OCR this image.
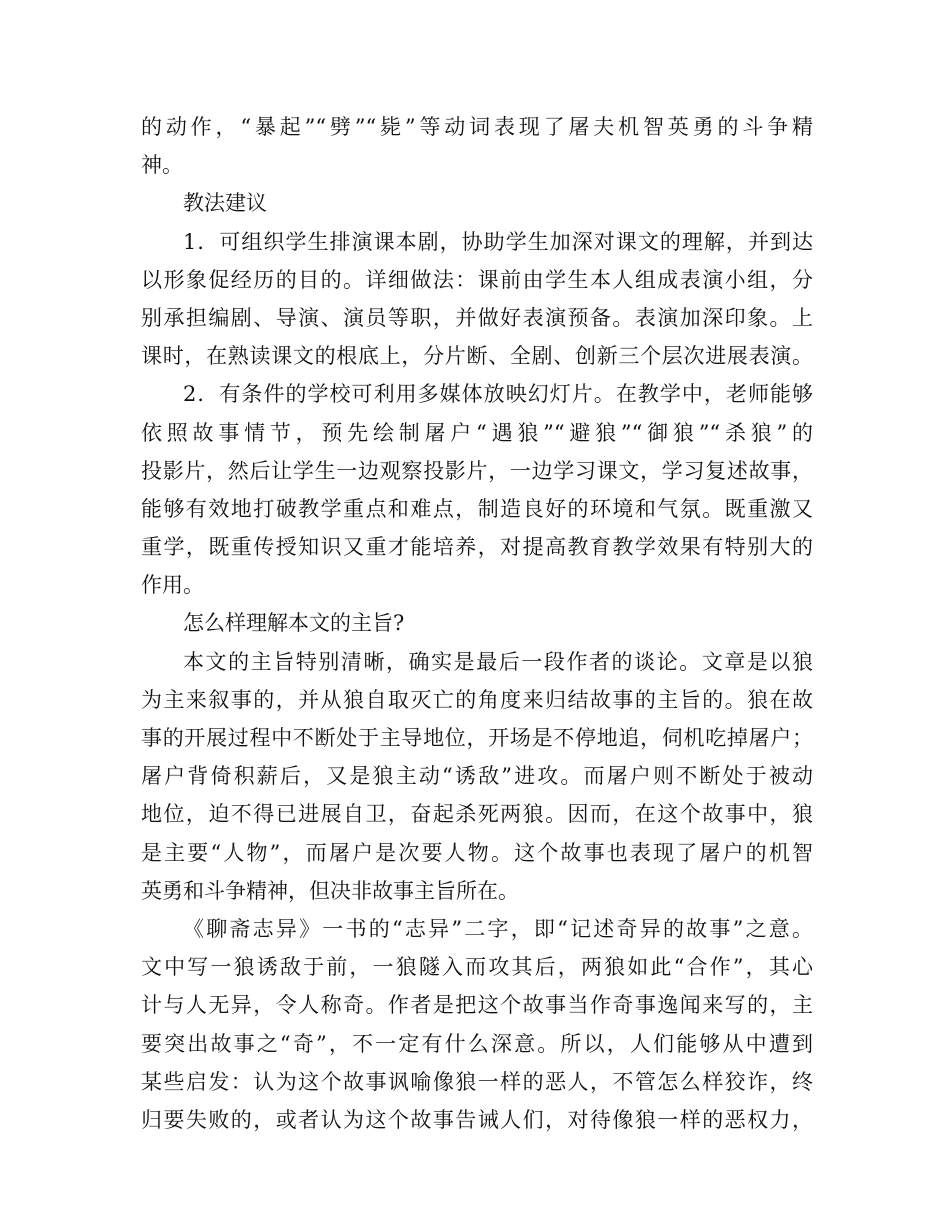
的动作，“暴起”“劈”“毙”等动词表现了屠夫机智英勇的斗争精
神。
教法建议
1．可组织学生排演课本剧，协助学生加深对课文的理解，并到达
以形象促经历的目的。详细做法：课前由学生本人组成表演小组，分
别承担编剧、导演、演员等职，并做好表演预备。表演加深印象。上
课时，在熟读课文的根底上，分片断、全剧、创新三个层次进展表演。
2．有条件的学校可利用多媒体放映幻灯片。在教学中，老师能够
依照故事情节，预先绘制屠户“遇狼”“避狼”“御狼”“杀狼”的
投影片，然后让学生一边观察投影片，一边学习课文，学习复述故事，
能够有效地打破教学重点和难点，制造良好的环境和气氛。既重激又
重学，既重传授知识又重才能培养，对提高教育教学效果有特别大的
作用。
怎么样理解本文的主旨?
本文的主旨特别清晰，确实是最后一段作者的谈论。文章是以狼
为主来叙事的，并从狼自取灭亡的角度来归结故事的主旨的。狼在故
事的开展过程中不断处于主导地位，开场是不停地追，伺机吃掉屠户；
屠户背倚积薪后，又是狼主动“诱敌”进攻。而屠户则不断处于被动
地位，迫不得已进展自卫，奋起杀死两狼。因而，在这个故事中，狼
是主要“人物”，而屠户是次要人物。这个故事也表现了屠户的机智
英勇和斗争精神，但决非故事主旨所在。
《聊斋志异》一书的“志异”二字，即“记述奇异的故事”之意。
文中写一狼诱敌于前，一狼隧入而攻其后，两狼如此“合作”，其心
计与人无异，令人称奇。作者是把这个故事当作奇事逸闻来写的，主
要突出故事之“奇”，不一定有什么深意。所以，人们能够从中遭到
某些启发：认为这个故事讽喻像狼一样的恶人，不管怎么样狡诈，终
归要失败的，或者认为这个故事告诫人们，对待像狼一样的恶权力，
